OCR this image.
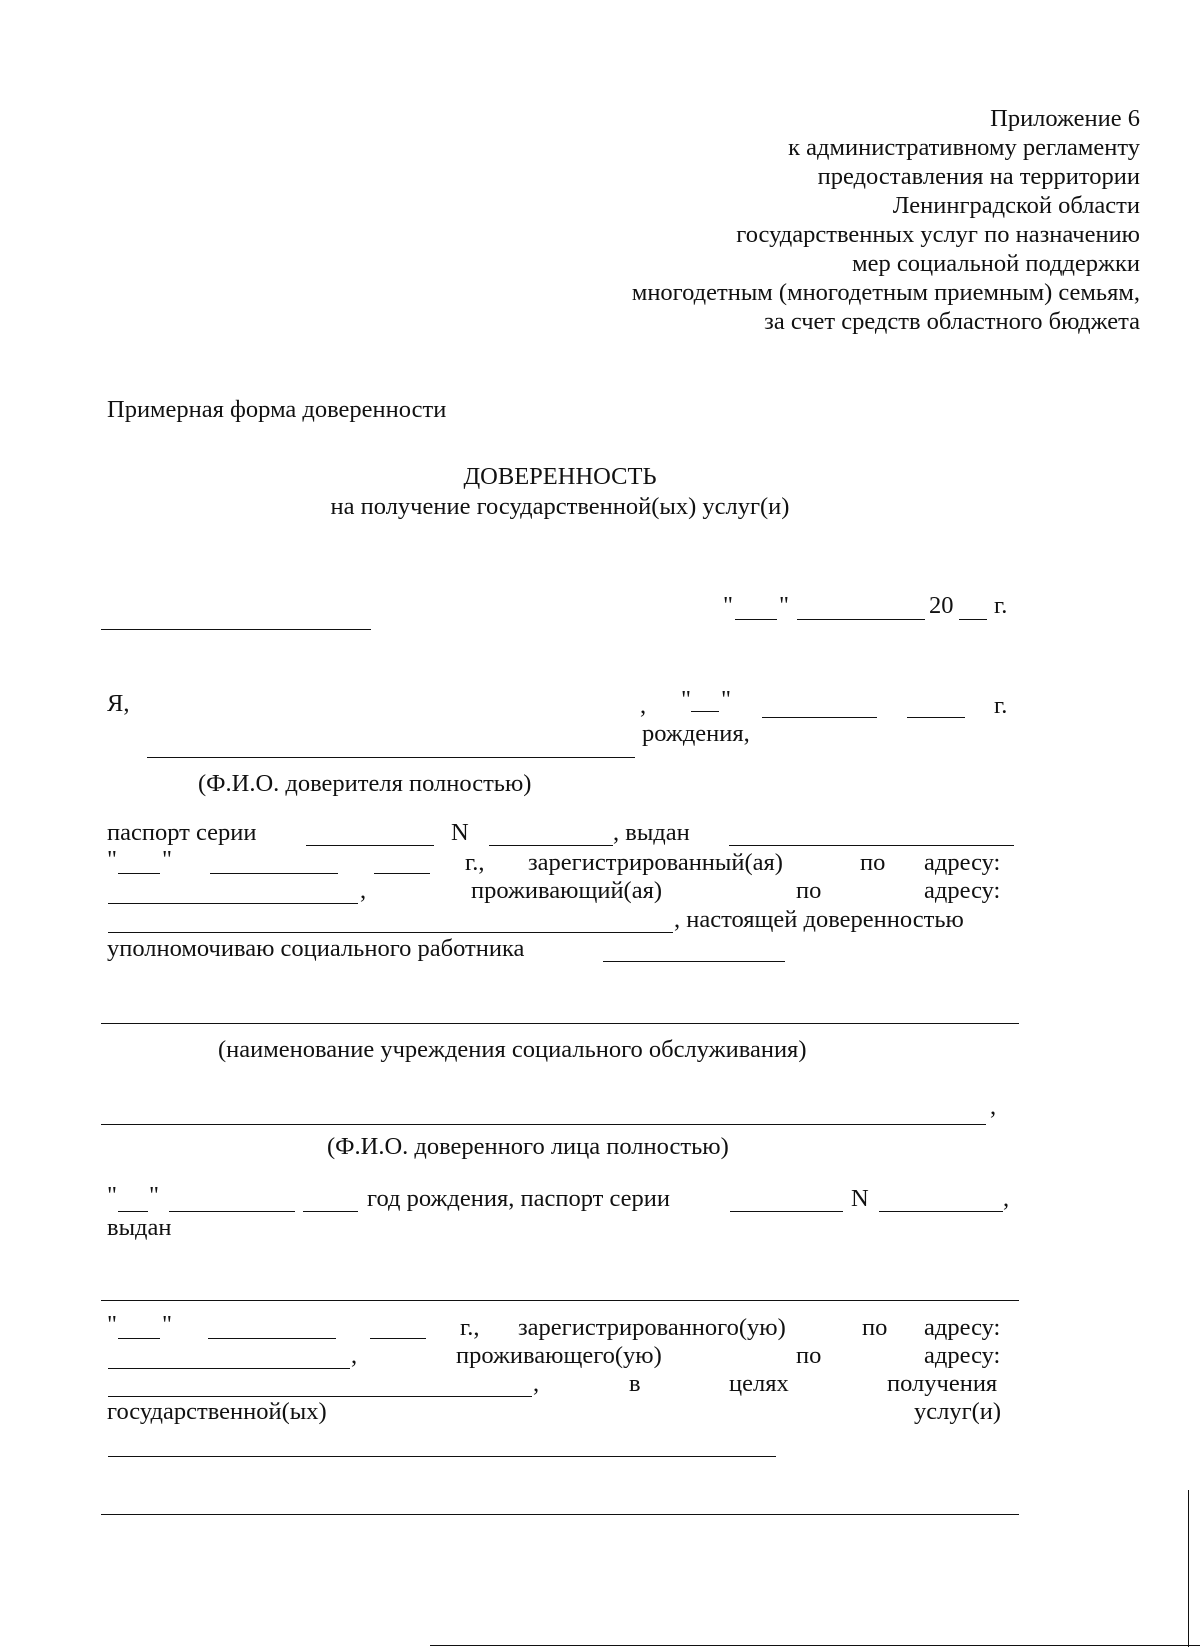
Приложение 6
к административному регламенту
предоставления на территории
Ленинградской области
государственных услуг по назначению
мер социальной поддержки
многодетным (многодетным приемным) семьям,
за счет средств областного бюджета
Примерная форма доверенности
ДОВЕРЕННОСТЬ
на получение государственной(ых) услуг(и)
" "	20 г.
Я,	, " "	г.
рождения,
(Ф.И.О. доверителя полностью)
паспорт серии	N	, выдан
" "	г., зарегистрированный(ая)	по адресу:
,	проживающий(ая)	по	адресу:
, настоящей доверенностью
уполномочиваю социального работника
(наименование учреждения социального обслуживания)
,
(Ф.И.О. доверенного лица полностью)
" "	год рождения, паспорт серии	N	,
выдан
" "	г., зарегистрированного(ую)	по адресу:
,	проживающего(ую)	по	адресу:
,	в	целях	получения
государственной(ых)	услуг(и)
